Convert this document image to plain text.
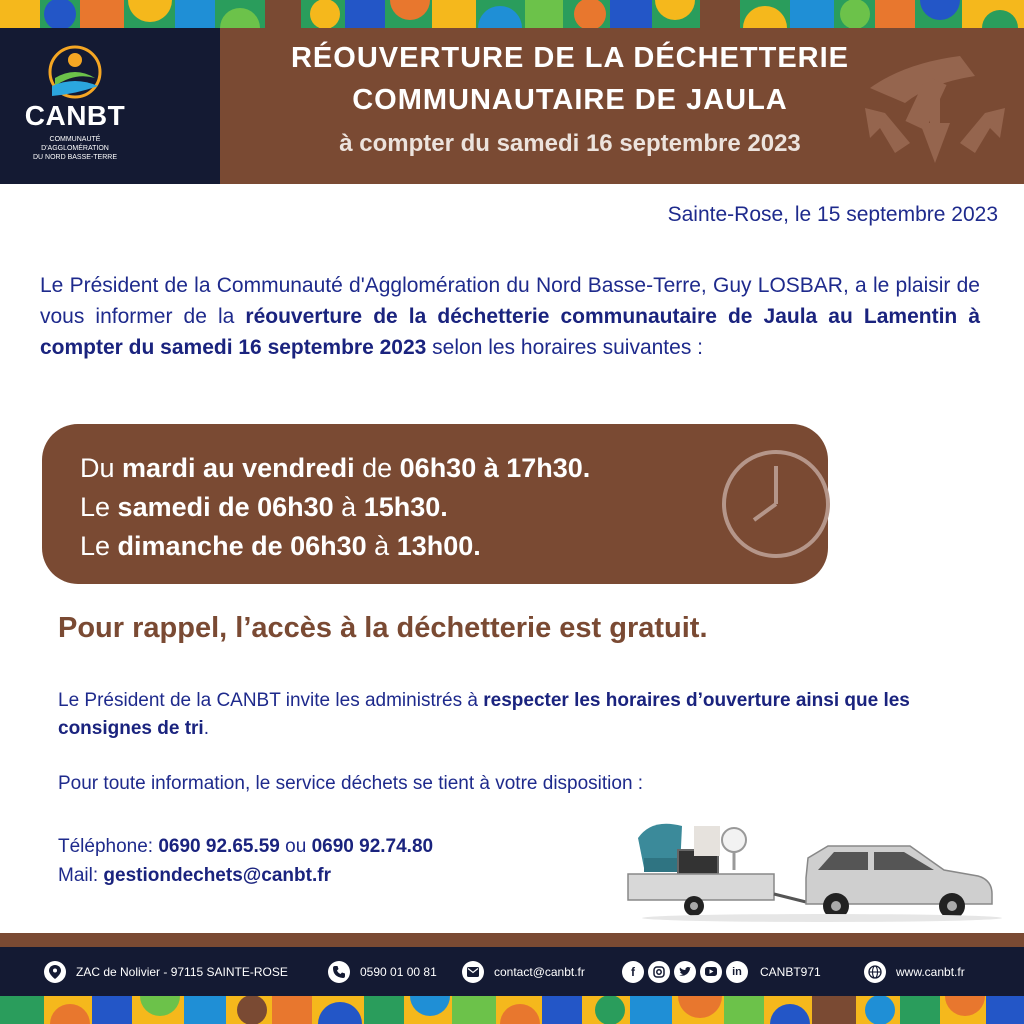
CANBT
COMMUNAUTÉ D'AGGLOMÉRATION
DU NORD BASSE-TERRE
RÉOUVERTURE DE LA DÉCHETTERIE
COMMUNAUTAIRE DE JAULA
à compter du samedi 16 septembre 2023
Sainte-Rose, le 15 septembre 2023
Le Président de la Communauté d'Agglomération du Nord Basse-Terre, Guy LOSBAR, a le plaisir de vous informer de la réouverture de la déchetterie communautaire de Jaula au Lamentin à compter du samedi 16 septembre 2023 selon les horaires suivantes :
Du mardi au vendredi de 06h30 à 17h30.
Le samedi de 06h30 à 15h30.
Le dimanche de 06h30 à 13h00.
Pour rappel, l’accès à la déchetterie est gratuit.
Le Président de la CANBT invite les administrés à respecter les horaires d’ouverture ainsi que les consignes de tri.
Pour toute information, le service déchets se tient à votre disposition :
Téléphone: 0690 92.65.59 ou 0690 92.74.80
Mail: gestiondechets@canbt.fr
ZAC de Nolivier - 97115 SAINTE-ROSE	0590 01 00 81	contact@canbt.fr	f	in	CANBT971	www.canbt.fr
